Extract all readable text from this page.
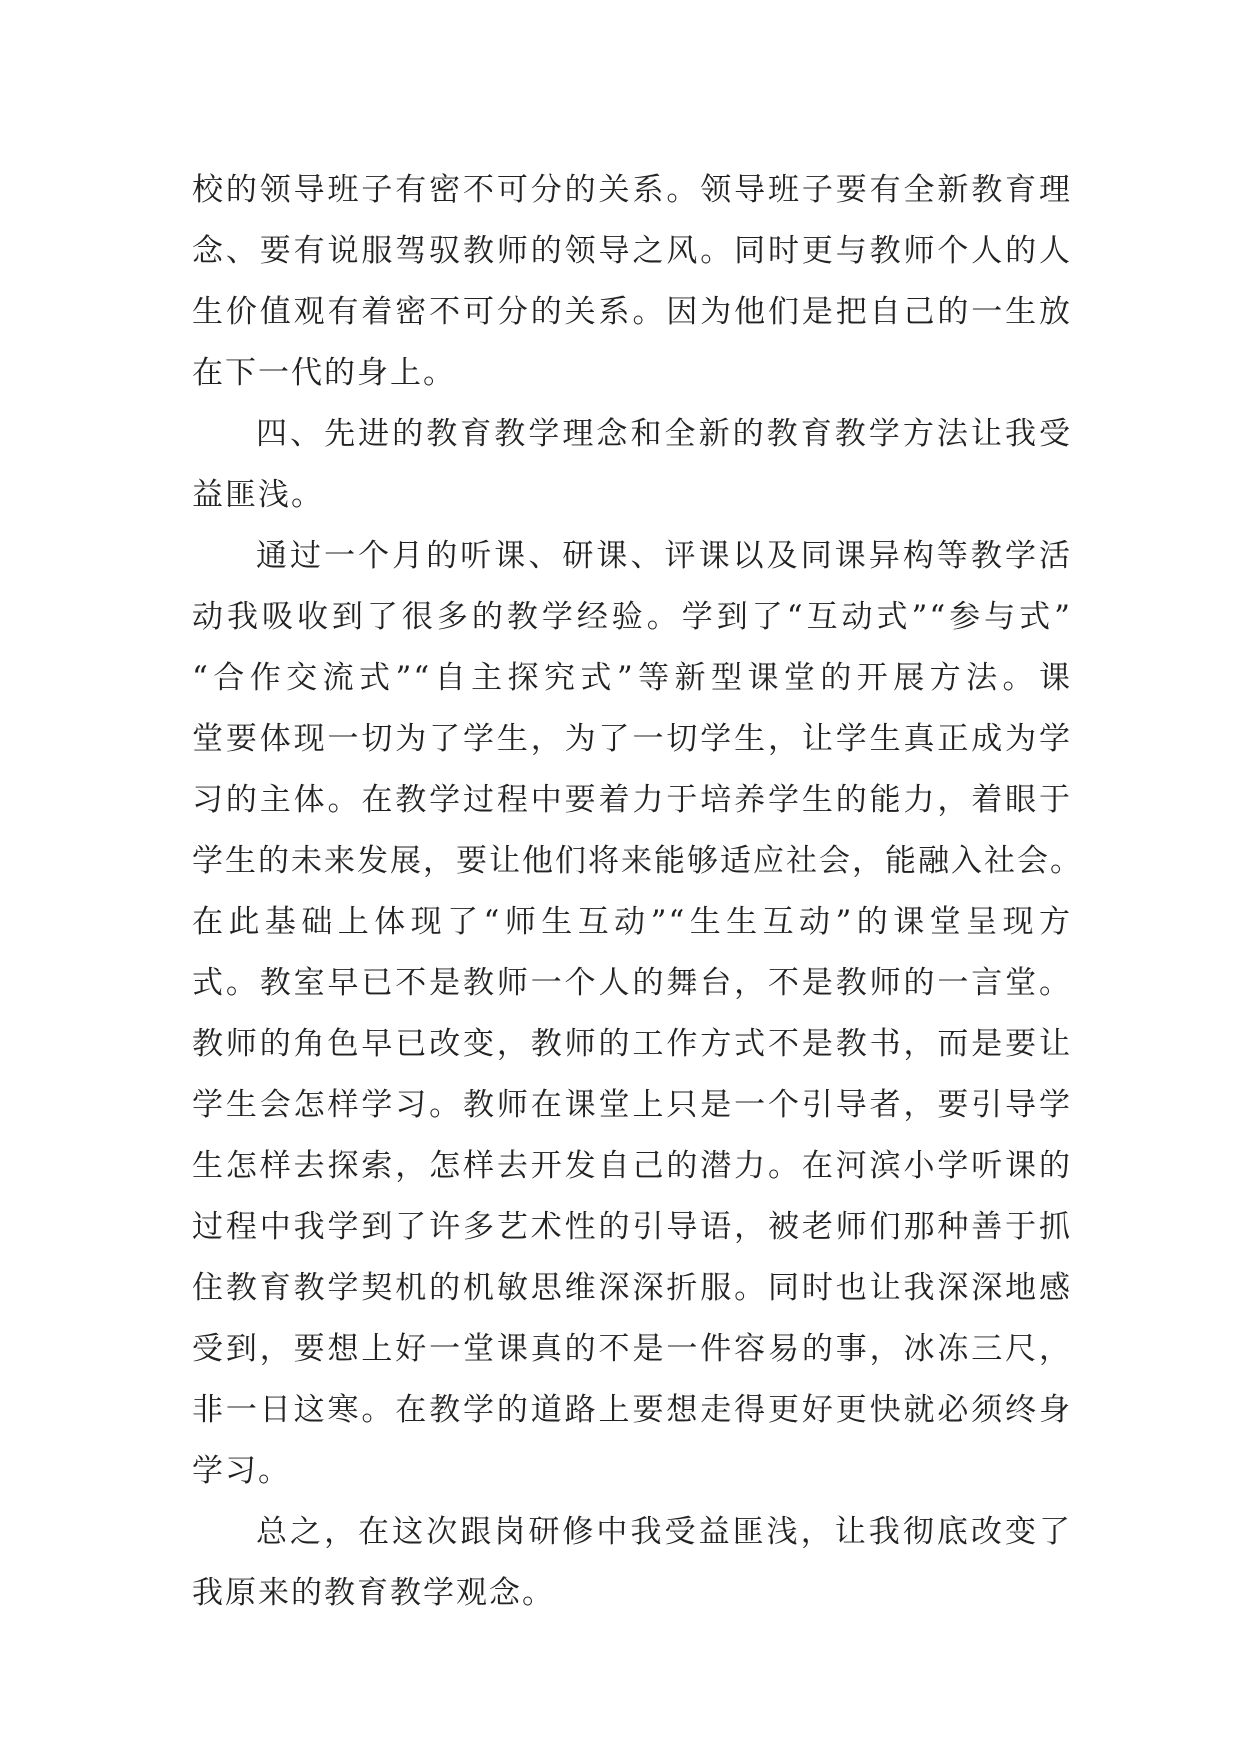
校的领导班子有密不可分的关系。领导班子要有全新教育理
念、要有说服驾驭教师的领导之风。同时更与教师个人的人
生价值观有着密不可分的关系。因为他们是把自己的一生放
在下一代的身上。
四、先进的教育教学理念和全新的教育教学方法让我受
益匪浅。
通过一个月的听课、研课、评课以及同课异构等教学活
动我吸收到了很多的教学经验。学到了“互动式”“参与式”
“合作交流式”“自主探究式”等新型课堂的开展方法。课
堂要体现一切为了学生，为了一切学生，让学生真正成为学
习的主体。在教学过程中要着力于培养学生的能力，着眼于
学生的未来发展，要让他们将来能够适应社会，能融入社会。
在此基础上体现了“师生互动”“生生互动”的课堂呈现方
式。教室早已不是教师一个人的舞台，不是教师的一言堂。
教师的角色早已改变，教师的工作方式不是教书，而是要让
学生会怎样学习。教师在课堂上只是一个引导者，要引导学
生怎样去探索，怎样去开发自己的潜力。在河滨小学听课的
过程中我学到了许多艺术性的引导语，被老师们那种善于抓
住教育教学契机的机敏思维深深折服。同时也让我深深地感
受到，要想上好一堂课真的不是一件容易的事，冰冻三尺，
非一日这寒。在教学的道路上要想走得更好更快就必须终身
学习。
总之，在这次跟岗研修中我受益匪浅，让我彻底改变了
我原来的教育教学观念。
